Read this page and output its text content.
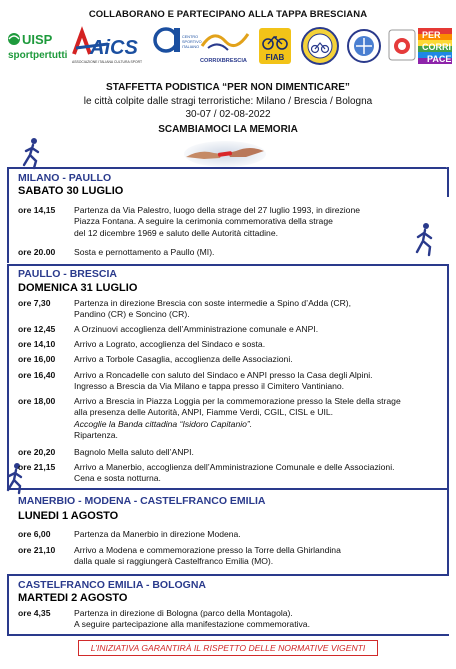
COLLABORANO E PARTECIPANO ALLA TAPPA BRESCIANA
UISP
sportpertutti AiCS
ASSOCIAZIONE ITALIANA CULTURA SPORT
CENTRO
SPORTIVO
ITALIANO
CORRIXBRESCIA FIAB
PER
CORRI
PACE
STAFFETTA PODISTICA “PER NON DIMENTICARE”
le città colpite dalle stragi terroristiche: Milano / Brescia / Bologna
30-07 / 02-08-2022
SCAMBIAMOCI LA MEMORIA
MILANO - PAULLO
SABATO 30 LUGLIO
ore 14,15	Partenza da Via Palestro, luogo della strage del 27 luglio 1993, in direzione
Piazza Fontana. A seguire la cerimonia commemorativa della strage
del 12 dicembre 1969 e saluto delle Autorità cittadine.
ore 20.00	Sosta e pernottamento a Paullo (MI).
PAULLO - BRESCIA
DOMENICA 31 LUGLIO
ore 7,30	Partenza in direzione Brescia con soste intermedie a Spino d’Adda (CR),
Pandino (CR) e Soncino (CR).
ore 12,45	A Orzinuovi accoglienza dell’Amministrazione comunale e ANPI.
ore 14,10	Arrivo a Lograto, accoglienza del Sindaco e sosta.
ore 16,00	Arrivo a Torbole Casaglia, accoglienza delle Associazioni.
ore 16,40	Arrivo a Roncadelle con saluto del Sindaco e ANPI presso la Casa degli Alpini.
Ingresso a Brescia da Via Milano e tappa presso il Cimitero Vantiniano.
ore 18,00	Arrivo a Brescia in Piazza Loggia per la commemorazione presso la Stele della strage
alla presenza delle Autorità, ANPI, Fiamme Verdi, CGIL, CISL e UIL.
Accoglie la Banda cittadina “Isidoro Capitanio”.
Ripartenza.
ore 20,20	Bagnolo Mella saluto dell’ANPI.
ore 21,15	Arrivo a Manerbio, accoglienza dell’Amministrazione Comunale e delle Associazioni.
Cena e sosta notturna.
MANERBIO - MODENA - CASTELFRANCO EMILIA
LUNEDI 1 AGOSTO
ore 6,00	Partenza da Manerbio in direzione Modena.
ore 21,10	Arrivo a Modena e commemorazione presso la Torre della Ghirlandina
dalla quale si raggiungerà Castelfranco Emilia (MO).
CASTELFRANCO EMILIA - BOLOGNA
MARTEDI 2 AGOSTO
ore 4,35	Partenza in direzione di Bologna (parco della Montagola).
A seguire partecipazione alla manifestazione commemorativa.
L’INIZIATIVA GARANTIRÀ IL RISPETTO DELLE NORMATIVE VIGENTI
